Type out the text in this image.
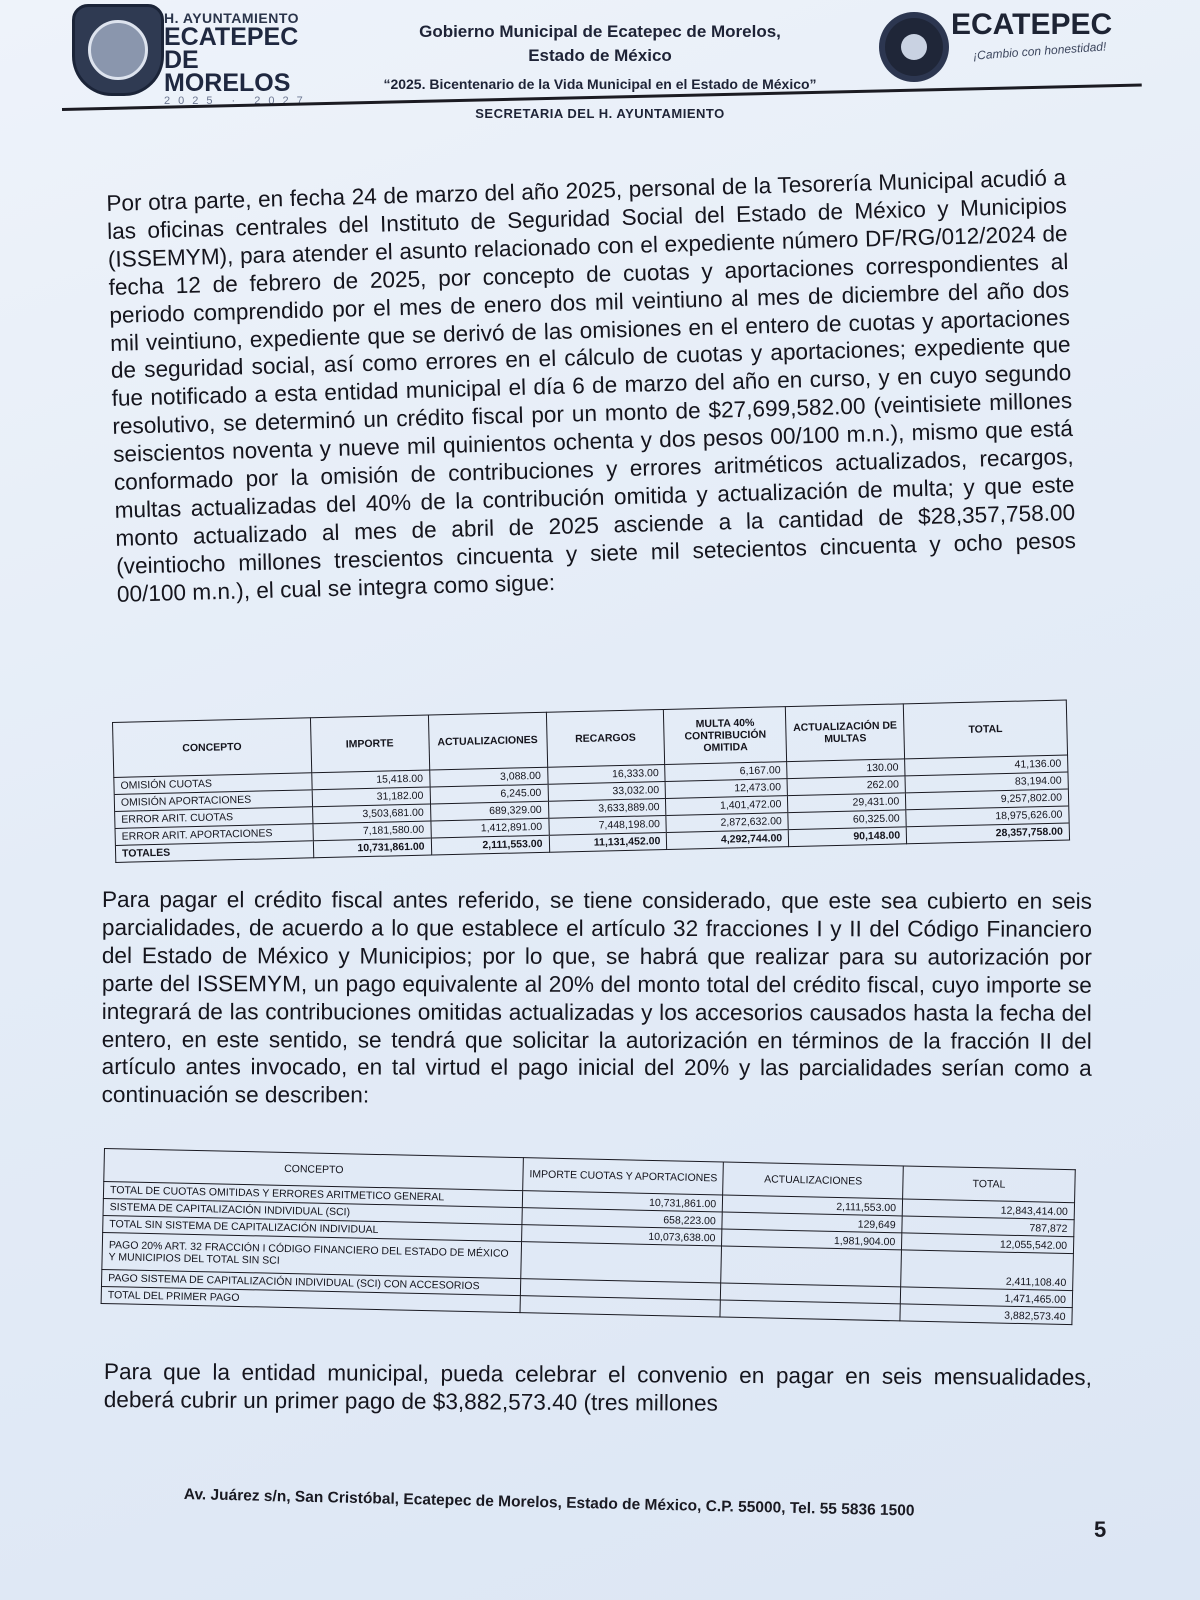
H. AYUNTAMIENTO
ECATEPEC
DE MORELOS
2025 · 2027
Gobierno Municipal de Ecatepec de Morelos,
Estado de México
“2025. Bicentenario de la Vida Municipal en el Estado de México”
SECRETARIA DEL H. AYUNTAMIENTO
ECATEPEC
¡Cambio con honestidad!
Por otra parte, en fecha 24 de marzo del año 2025, personal de la Tesorería Municipal acudió a las oficinas centrales del Instituto de Seguridad Social del Estado de México y Municipios (ISSEMYM), para atender el asunto relacionado con el expediente número DF/RG/012/2024 de fecha 12 de febrero de 2025, por concepto de cuotas y aportaciones correspondientes al periodo comprendido por el mes de enero dos mil veintiuno al mes de diciembre del año dos mil veintiuno, expediente que se derivó de las omisiones en el entero de cuotas y aportaciones de seguridad social, así como errores en el cálculo de cuotas y aportaciones; expediente que fue notificado a esta entidad municipal el día 6 de marzo del año en curso, y en cuyo segundo resolutivo, se determinó un crédito fiscal por un monto de $27,699,582.00 (veintisiete millones seiscientos noventa y nueve mil quinientos ochenta y dos pesos 00/100 m.n.), mismo que está conformado por la omisión de contribuciones y errores aritméticos actualizados, recargos, multas actualizadas del 40% de la contribución omitida y actualización de multa; y que este monto actualizado al mes de abril de 2025 asciende a la cantidad de $28,357,758.00 (veintiocho millones trescientos cincuenta y siete mil setecientos cincuenta y ocho pesos 00/100 m.n.), el cual se integra como sigue:
CONCEPTO	IMPORTE	ACTUALIZACIONES	RECARGOS	MULTA 40% CONTRIBUCIÓN OMITIDA	ACTUALIZACIÓN DE MULTAS	TOTAL
OMISIÓN CUOTAS	15,418.00	3,088.00	16,333.00	6,167.00	130.00	41,136.00
OMISIÓN APORTACIONES	31,182.00	6,245.00	33,032.00	12,473.00	262.00	83,194.00
ERROR ARIT. CUOTAS	3,503,681.00	689,329.00	3,633,889.00	1,401,472.00	29,431.00	9,257,802.00
ERROR ARIT. APORTACIONES	7,181,580.00	1,412,891.00	7,448,198.00	2,872,632.00	60,325.00	18,975,626.00
TOTALES	10,731,861.00	2,111,553.00	11,131,452.00	4,292,744.00	90,148.00	28,357,758.00
Para pagar el crédito fiscal antes referido, se tiene considerado, que este sea cubierto en seis parcialidades, de acuerdo a lo que establece el artículo 32 fracciones I y II del Código Financiero del Estado de México y Municipios; por lo que, se habrá que realizar para su autorización por parte del ISSEMYM, un pago equivalente al 20% del monto total del crédito fiscal, cuyo importe se integrará de las contribuciones omitidas actualizadas y los accesorios causados hasta la fecha del entero, en este sentido, se tendrá que solicitar la autorización en términos de la fracción II del artículo antes invocado, en tal virtud el pago inicial del 20% y las parcialidades serían como a continuación se describen:
CONCEPTO	IMPORTE CUOTAS Y APORTACIONES	ACTUALIZACIONES	TOTAL
TOTAL DE CUOTAS OMITIDAS Y ERRORES ARITMETICO GENERAL	10,731,861.00	2,111,553.00	12,843,414.00
SISTEMA DE CAPITALIZACIÓN INDIVIDUAL (SCI)	658,223.00	129,649	787,872
TOTAL SIN SISTEMA DE CAPITALIZACIÓN INDIVIDUAL	10,073,638.00	1,981,904.00	12,055,542.00
PAGO 20% ART. 32 FRACCIÓN I CÓDIGO FINANCIERO DEL ESTADO DE MÉXICO Y MUNICIPIOS DEL TOTAL SIN SCI			2,411,108.40
PAGO SISTEMA DE CAPITALIZACIÓN INDIVIDUAL (SCI) CON ACCESORIOS			1,471,465.00
TOTAL DEL PRIMER PAGO			3,882,573.40
Para que la entidad municipal, pueda celebrar el convenio en pagar en seis mensualidades, deberá cubrir un primer pago de $3,882,573.40 (tres millones
Av. Juárez s/n, San Cristóbal, Ecatepec de Morelos, Estado de México, C.P. 55000, Tel. 55 5836 1500
5
